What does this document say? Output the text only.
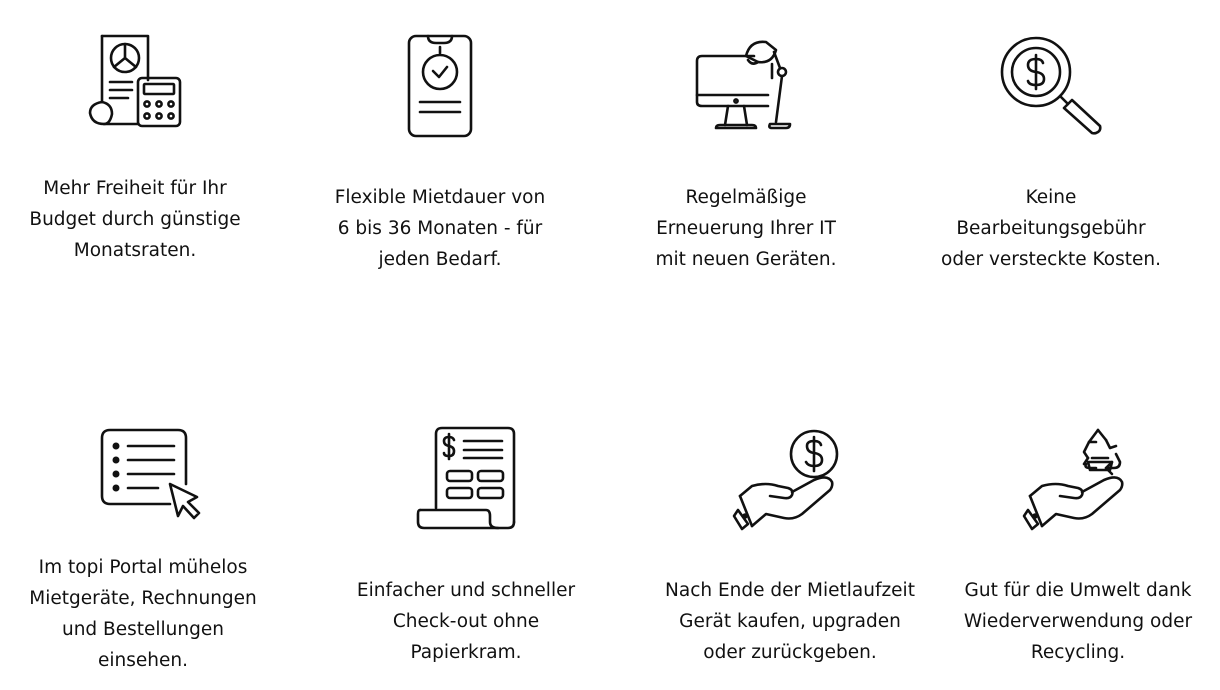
Mehr Freiheit für Ihr
Budget durch günstige
Monatsraten.
Flexible Mietdauer von
6 bis 36 Monaten - für
jeden Bedarf.
Regelmäßige
Erneuerung Ihrer IT
mit neuen Geräten.
Keine
Bearbeitungsgebühr
oder versteckte Kosten.
Im topi Portal mühelos
Mietgeräte, Rechnungen
und Bestellungen
einsehen.
Einfacher und schneller
Check-out ohne
Papierkram.
Nach Ende der Mietlaufzeit
Gerät kaufen, upgraden
oder zurückgeben.
Gut für die Umwelt dank
Wiederverwendung oder
Recycling.
